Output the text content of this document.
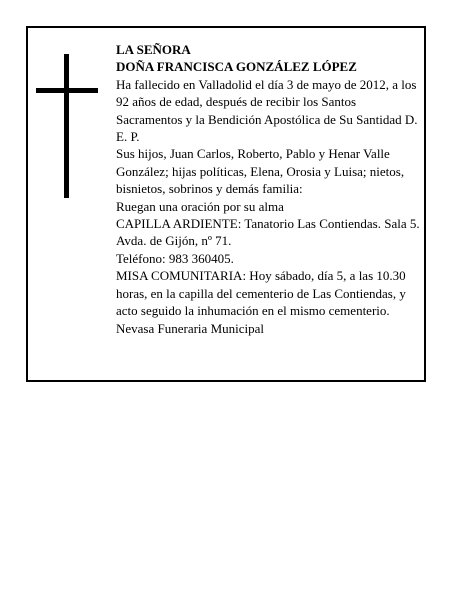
LA SEÑORA

DOÑA FRANCISCA GONZÁLEZ LÓPEZ

Ha fallecido en Valladolid el día 3 de mayo de 2012, a los 92 años de edad, después de recibir los Santos Sacramentos y la Bendición Apostólica de Su Santidad D. E. P.

Sus hijos, Juan Carlos, Roberto, Pablo y Henar Valle González; hijas políticas, Elena, Orosia y Luisa; nietos, bisnietos, sobrinos y demás familia:

Ruegan una oración por su alma

CAPILLA ARDIENTE: Tanatorio Las Contiendas. Sala 5. Avda. de Gijón, nº 71.

Teléfono: 983 360405.

MISA COMUNITARIA: Hoy sábado, día 5, a las 10.30 horas, en la capilla del cementerio de Las Contiendas, y acto seguido la inhumación en el mismo cementerio.

Nevasa Funeraria Municipal
